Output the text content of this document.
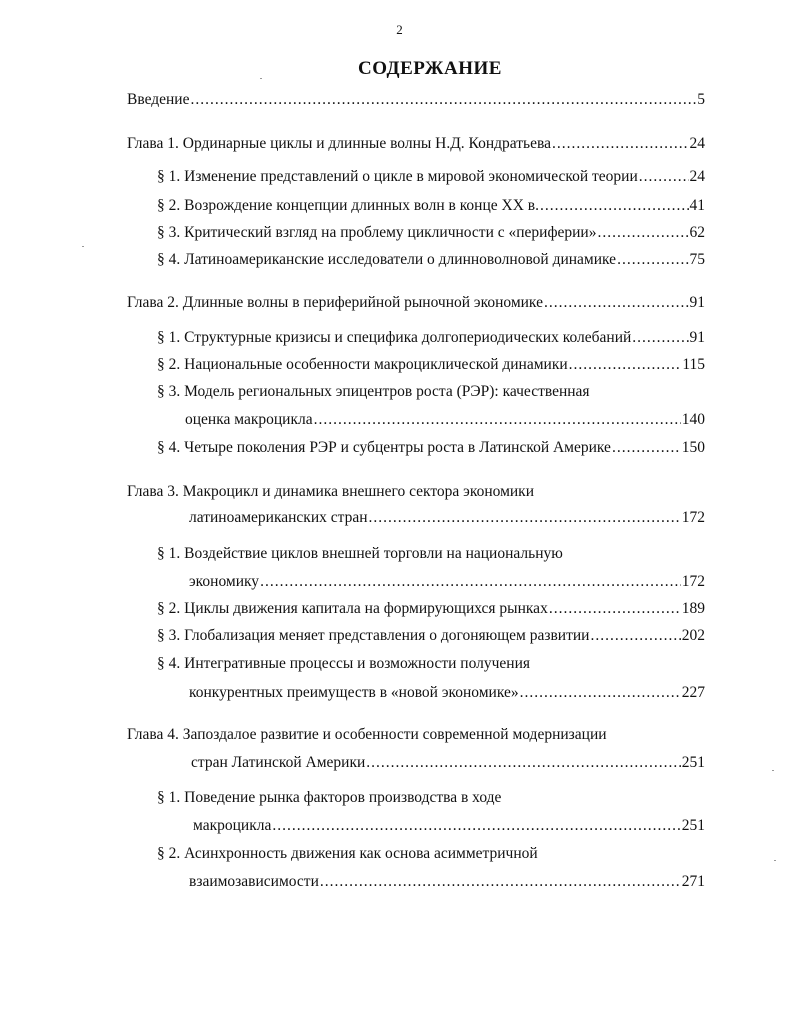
2
СОДЕРЖАНИЕ
Введение .....	5
Глава 1. Ординарные циклы и длинные волны Н.Д. Кондратьева .....	24
§ 1. Изменение представлений о цикле в мировой экономической теории .....	24
§ 2. Возрождение концепции длинных волн в конце XX в. .....	41
§ 3. Критический взгляд на проблему цикличности с «периферии» .....	62
§ 4. Латиноамериканские исследователи о длинноволновой динамике .....	75
Глава 2. Длинные волны в периферийной рыночной экономике .....	91
§ 1. Структурные кризисы и специфика долгопериодических колебаний .....	91
§ 2. Национальные особенности макроциклической динамики .....	115
§ 3. Модель региональных эпицентров роста (РЭР): качественная
оценка макроцикла .....	140
§ 4. Четыре поколения РЭР и субцентры роста в Латинской Америке .....	150
Глава 3. Макроцикл и динамика внешнего сектора экономики
латиноамериканских стран .....	172
§ 1. Воздействие циклов внешней торговли на национальную
экономику .....	172
§ 2. Циклы движения капитала на формирующихся рынках .....	189
§ 3. Глобализация меняет представления о догоняющем развитии .....	202
§ 4. Интегративные процессы и возможности получения
конкурентных преимуществ в «новой экономике» .....	227
Глава 4. Запоздалое развитие и особенности современной модернизации
стран Латинской Америки .....	251
§ 1. Поведение рынка факторов производства в ходе
макроцикла .....	251
§ 2. Асинхронность движения как основа асимметричной
взаимозависимости .....	271
